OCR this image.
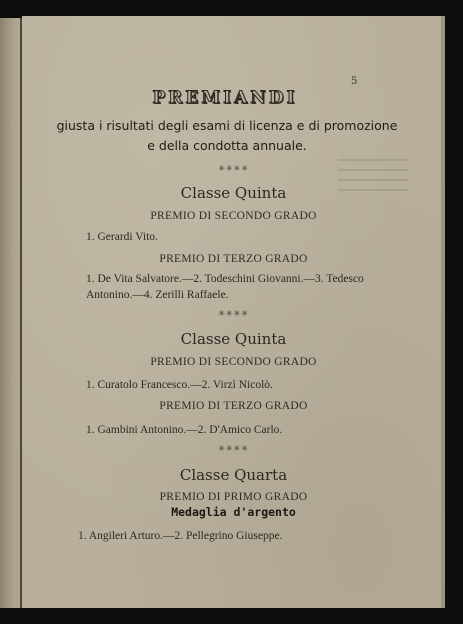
5
PREMIANDI
giusta i risultati degli esami di licenza e di promozione e della condotta annuale.
✳✳✳✳
Classe Quinta
PREMIO DI SECONDO GRADO
1. Gerardi Vito.
PREMIO DI TERZO GRADO
1. De Vita Salvatore.—2. Todeschini Giovanni.—3. Tedesco Antonino.—4. Zerilli Raffaele.
✳✳✳✳
Classe Quinta
PREMIO DI SECONDO GRADO
1. Curatolo Francesco.—2. Virzì Nicolò.
PREMIO DI TERZO GRADO
1. Gambini Antonino.—2. D'Amico Carlo.
✳✳✳✳
Classe Quarta
PREMIO DI PRIMO GRADO
Medaglia d'argento
1. Angileri Arturo.—2. Pellegrino Giuseppe.
